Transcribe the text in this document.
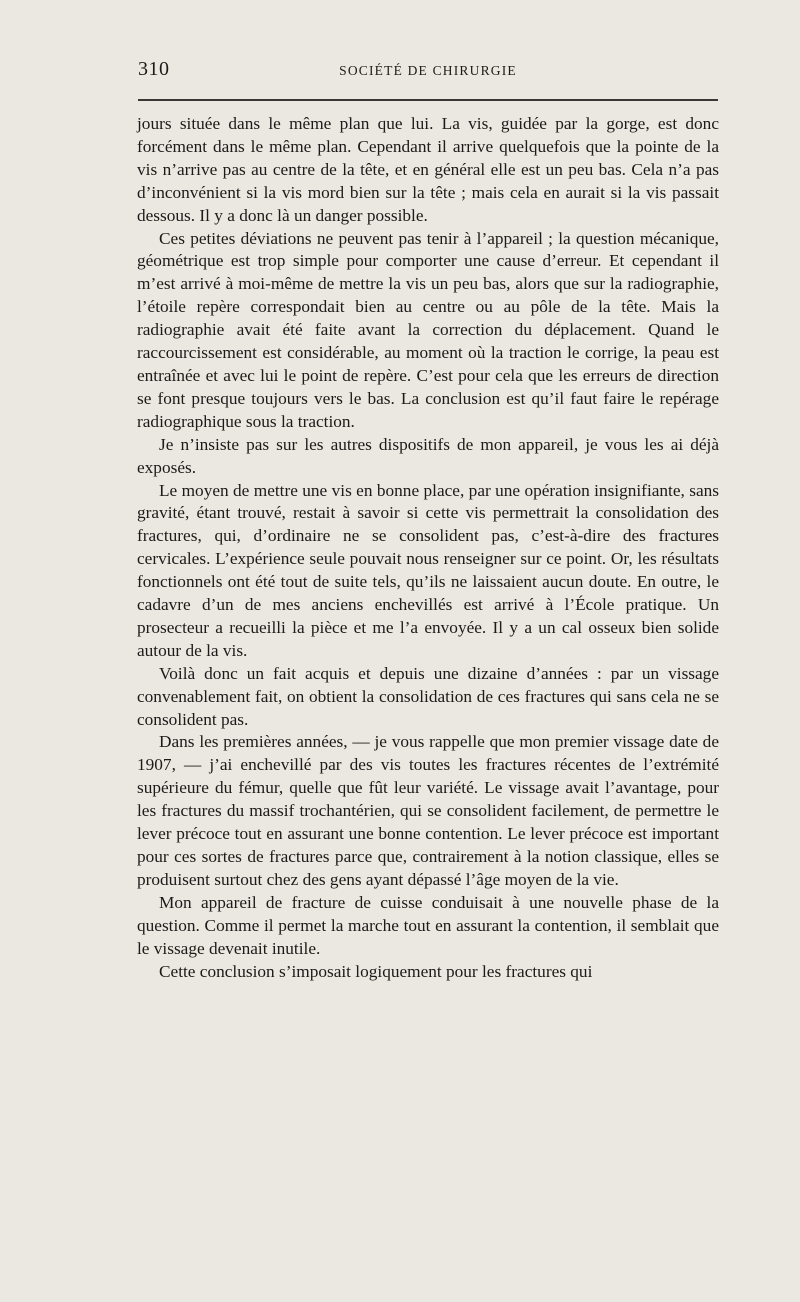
310	SOCIÉTÉ DE CHIRURGIE

jours située dans le même plan que lui. La vis, guidée par la gorge, est donc forcément dans le même plan. Cependant il arrive quelquefois que la pointe de la vis n’arrive pas au centre de la tête, et en général elle est un peu bas. Cela n’a pas d’inconvénient si la vis mord bien sur la tête ; mais cela en aurait si la vis passait dessous. Il y a donc là un danger possible.

Ces petites déviations ne peuvent pas tenir à l’appareil ; la question mécanique, géométrique est trop simple pour comporter une cause d’erreur. Et cependant il m’est arrivé à moi-même de mettre la vis un peu bas, alors que sur la radiographie, l’étoile repère correspondait bien au centre ou au pôle de la tête. Mais la radiographie avait été faite avant la correction du déplacement. Quand le raccourcissement est considérable, au moment où la traction le corrige, la peau est entraînée et avec lui le point de repère. C’est pour cela que les erreurs de direction se font presque toujours vers le bas. La conclusion est qu’il faut faire le repérage radiographique sous la traction.

Je n’insiste pas sur les autres dispositifs de mon appareil, je vous les ai déjà exposés.

Le moyen de mettre une vis en bonne place, par une opération insignifiante, sans gravité, étant trouvé, restait à savoir si cette vis permettrait la consolidation des fractures, qui, d’ordinaire ne se consolident pas, c’est-à-dire des fractures cervicales. L’expérience seule pouvait nous renseigner sur ce point. Or, les résultats fonctionnels ont été tout de suite tels, qu’ils ne laissaient aucun doute. En outre, le cadavre d’un de mes anciens enchevillés est arrivé à l’École pratique. Un prosecteur a recueilli la pièce et me l’a envoyée. Il y a un cal osseux bien solide autour de la vis.

Voilà donc un fait acquis et depuis une dizaine d’années : par un vissage convenablement fait, on obtient la consolidation de ces fractures qui sans cela ne se consolident pas.

Dans les premières années, — je vous rappelle que mon premier vissage date de 1907, — j’ai enchevillé par des vis toutes les fractures récentes de l’extrémité supérieure du fémur, quelle que fût leur variété. Le vissage avait l’avantage, pour les fractures du massif trochantérien, qui se consolident facilement, de permettre le lever précoce tout en assurant une bonne contention. Le lever précoce est important pour ces sortes de fractures parce que, contrairement à la notion classique, elles se produisent surtout chez des gens ayant dépassé l’âge moyen de la vie.

Mon appareil de fracture de cuisse conduisait à une nouvelle phase de la question. Comme il permet la marche tout en assurant la contention, il semblait que le vissage devenait inutile.

Cette conclusion s’imposait logiquement pour les fractures qui
